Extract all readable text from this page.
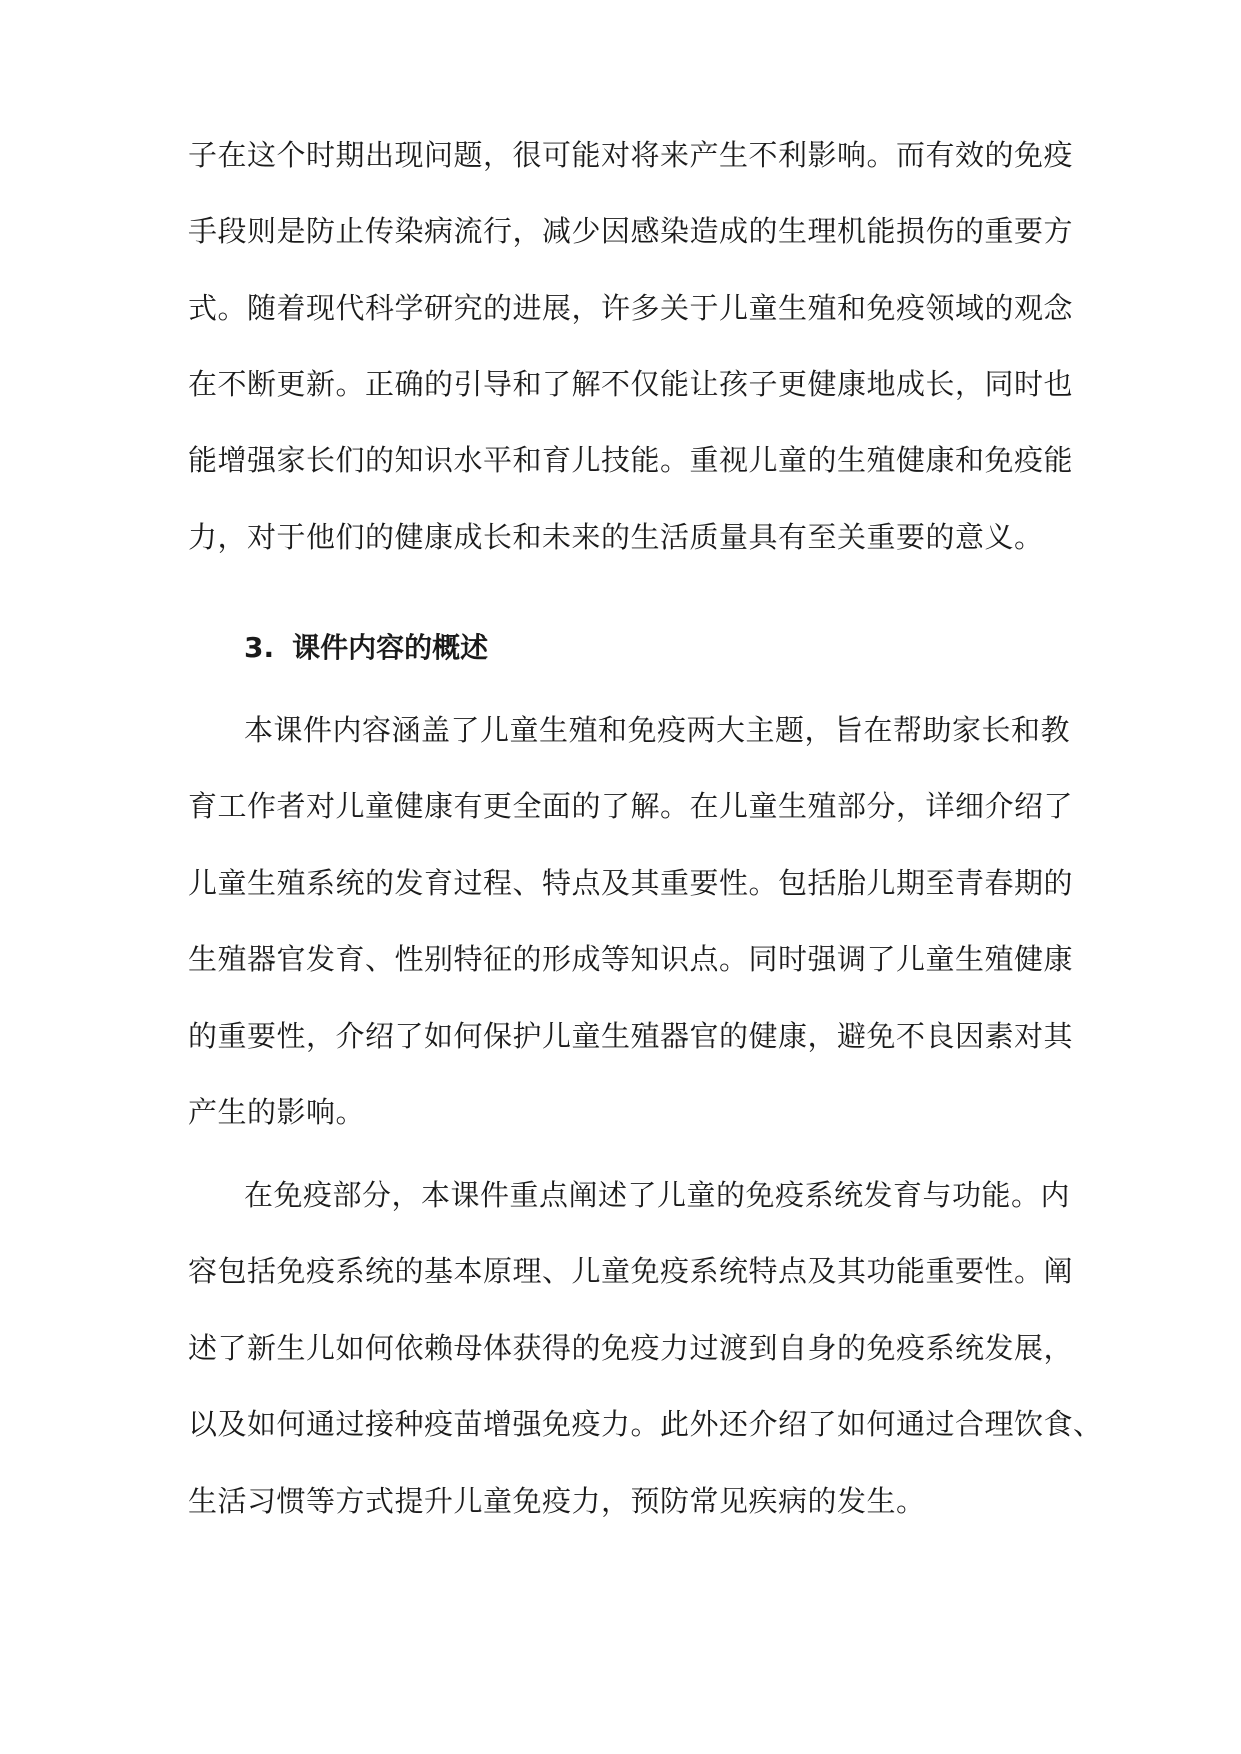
子在这个时期出现问题，很可能对将来产生不利影响。而有效的免疫
手段则是防止传染病流行，减少因感染造成的生理机能损伤的重要方
式。随着现代科学研究的进展，许多关于儿童生殖和免疫领域的观念
在不断更新。正确的引导和了解不仅能让孩子更健康地成长，同时也
能增强家长们的知识水平和育儿技能。重视儿童的生殖健康和免疫能
力，对于他们的健康成长和未来的生活质量具有至关重要的意义。
3. 课件内容的概述
本课件内容涵盖了儿童生殖和免疫两大主题，旨在帮助家长和教
育工作者对儿童健康有更全面的了解。在儿童生殖部分，详细介绍了
儿童生殖系统的发育过程、特点及其重要性。包括胎儿期至青春期的
生殖器官发育、性别特征的形成等知识点。同时强调了儿童生殖健康
的重要性，介绍了如何保护儿童生殖器官的健康，避免不良因素对其
产生的影响。
在免疫部分，本课件重点阐述了儿童的免疫系统发育与功能。内
容包括免疫系统的基本原理、儿童免疫系统特点及其功能重要性。阐
述了新生儿如何依赖母体获得的免疫力过渡到自身的免疫系统发展，
以及如何通过接种疫苗增强免疫力。此外还介绍了如何通过合理饮食、
生活习惯等方式提升儿童免疫力，预防常见疾病的发生。
